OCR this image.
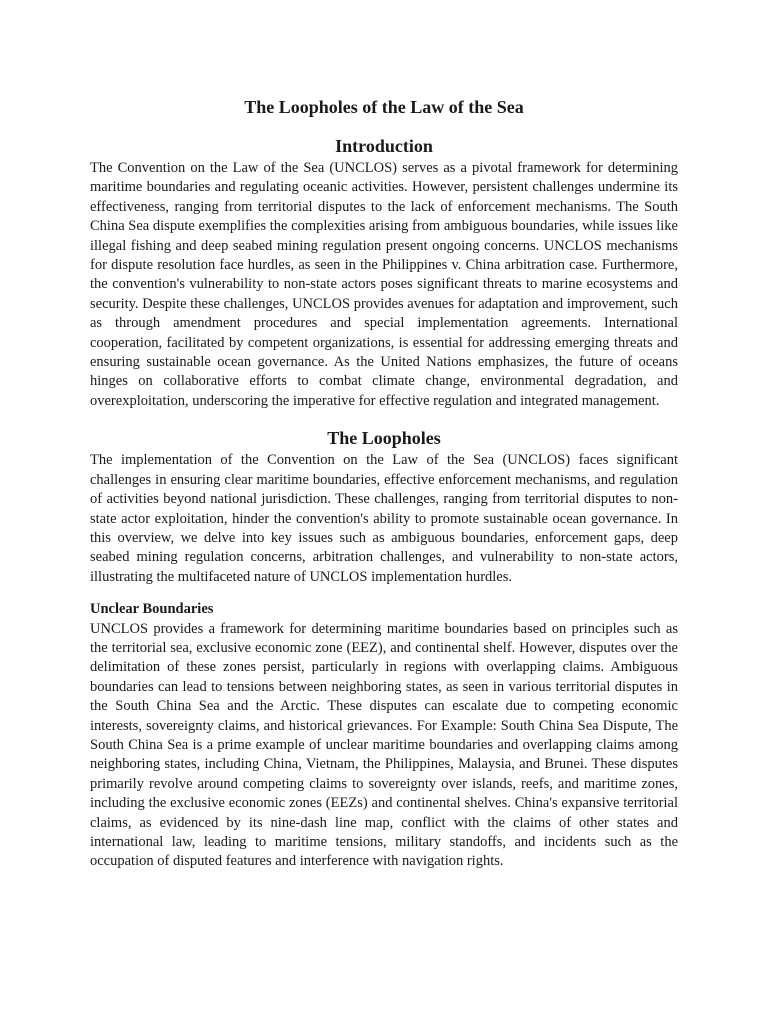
The Loopholes of the Law of the Sea
Introduction

The Convention on the Law of the Sea (UNCLOS) serves as a pivotal framework for determining maritime boundaries and regulating oceanic activities. However, persistent challenges undermine its effectiveness, ranging from territorial disputes to the lack of enforcement mechanisms. The South China Sea dispute exemplifies the complexities arising from ambiguous boundaries, while issues like illegal fishing and deep seabed mining regulation present ongoing concerns. UNCLOS mechanisms for dispute resolution face hurdles, as seen in the Philippines v. China arbitration case. Furthermore, the convention's vulnerability to non-state actors poses significant threats to marine ecosystems and security. Despite these challenges, UNCLOS provides avenues for adaptation and improvement, such as through amendment procedures and special implementation agreements. International cooperation, facilitated by competent organizations, is essential for addressing emerging threats and ensuring sustainable ocean governance. As the United Nations emphasizes, the future of oceans hinges on collaborative efforts to combat climate change, environmental degradation, and overexploitation, underscoring the imperative for effective regulation and integrated management.

The Loopholes

The implementation of the Convention on the Law of the Sea (UNCLOS) faces significant challenges in ensuring clear maritime boundaries, effective enforcement mechanisms, and regulation of activities beyond national jurisdiction. These challenges, ranging from territorial disputes to non-state actor exploitation, hinder the convention's ability to promote sustainable ocean governance. In this overview, we delve into key issues such as ambiguous boundaries, enforcement gaps, deep seabed mining regulation concerns, arbitration challenges, and vulnerability to non-state actors, illustrating the multifaceted nature of UNCLOS implementation hurdles.

Unclear Boundaries

UNCLOS provides a framework for determining maritime boundaries based on principles such as the territorial sea, exclusive economic zone (EEZ), and continental shelf. However, disputes over the delimitation of these zones persist, particularly in regions with overlapping claims. Ambiguous boundaries can lead to tensions between neighboring states, as seen in various territorial disputes in the South China Sea and the Arctic. These disputes can escalate due to competing economic interests, sovereignty claims, and historical grievances. For Example: South China Sea Dispute, The South China Sea is a prime example of unclear maritime boundaries and overlapping claims among neighboring states, including China, Vietnam, the Philippines, Malaysia, and Brunei. These disputes primarily revolve around competing claims to sovereignty over islands, reefs, and maritime zones, including the exclusive economic zones (EEZs) and continental shelves. China's expansive territorial claims, as evidenced by its nine-dash line map, conflict with the claims of other states and international law, leading to maritime tensions, military standoffs, and incidents such as the occupation of disputed features and interference with navigation rights.
